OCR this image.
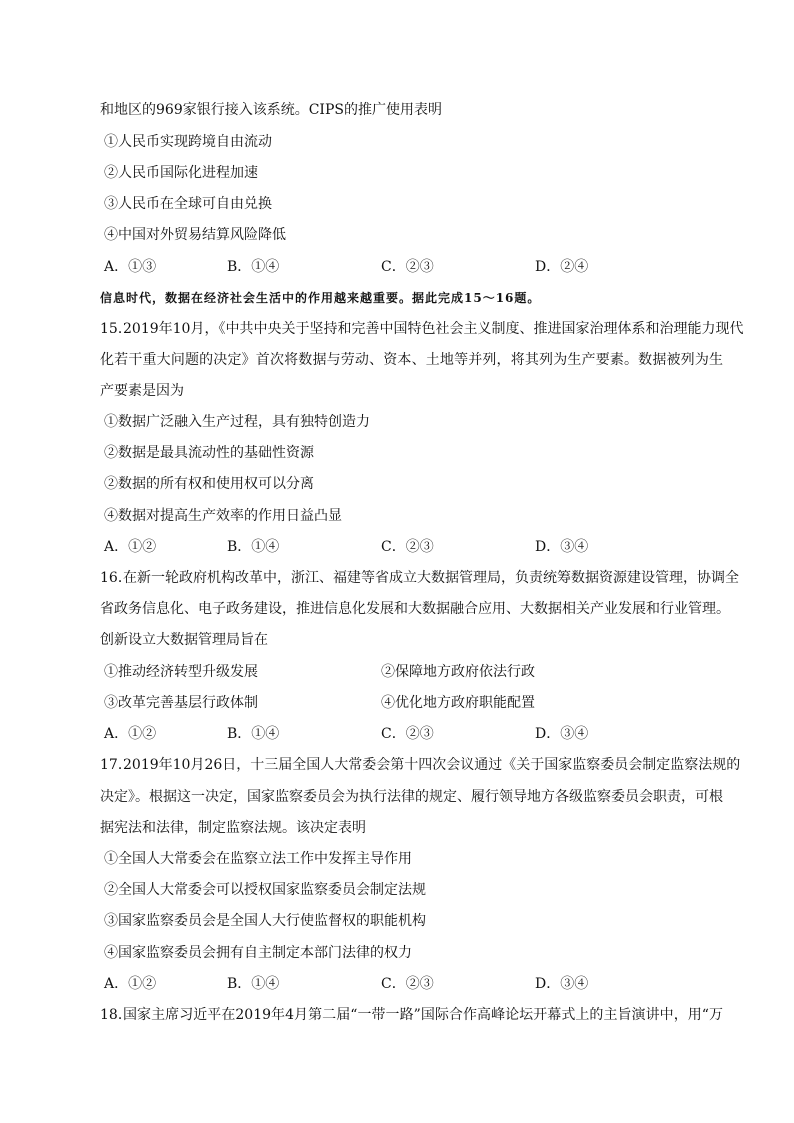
和地区的969家银行接入该系统。CIPS的推广使用表明
①人民币实现跨境自由流动
②人民币国际化进程加速
③人民币在全球可自由兑换
④中国对外贸易结算风险降低
A．①③	B．①④	C．②③	D．②④
信息时代，数据在经济社会生活中的作用越来越重要。据此完成15～16题。
15．
2019年10月，《中共中央关于坚持和完善中国特色社会主义制度、推进国家治理体系和治理能力现代
化若干重大问题的决定》首次将数据与劳动、资本、土地等并列，将其列为生产要素。数据被列为生
产要素是因为
①数据广泛融入生产过程，具有独特创造力
②数据是最具流动性的基础性资源
②数据的所有权和使用权可以分离
④数据对提高生产效率的作用日益凸显
A．①②	B．①④	C．②③	D．③④
16．
在新一轮政府机构改革中，浙江、福建等省成立大数据管理局，负责统筹数据资源建设管理，协调全
省政务信息化、电子政务建设，推进信息化发展和大数据融合应用、大数据相关产业发展和行业管理。
创新设立大数据管理局旨在
①推动经济转型升级发展	②保障地方政府依法行政
③改革完善基层行政体制	④优化地方政府职能配置
A．①②	B．①④	C．②③	D．③④
17．
2019年10月26日，十三届全国人大常委会第十四次会议通过《关于国家监察委员会制定监察法规的
决定》。根据这一决定，国家监察委员会为执行法律的规定、履行领导地方各级监察委员会职责，可根
据宪法和法律，制定监察法规。该决定表明
①全国人大常委会在监察立法工作中发挥主导作用
②全国人大常委会可以授权国家监察委员会制定法规
③国家监察委员会是全国人大行使监督权的职能机构
④国家监察委员会拥有自主制定本部门法律的权力
A．①②	B．①④	C．②③	D．③④
18．
国家主席习近平在2019年4月第二届“一带一路”国际合作高峰论坛开幕式上的主旨演讲中，用“万
